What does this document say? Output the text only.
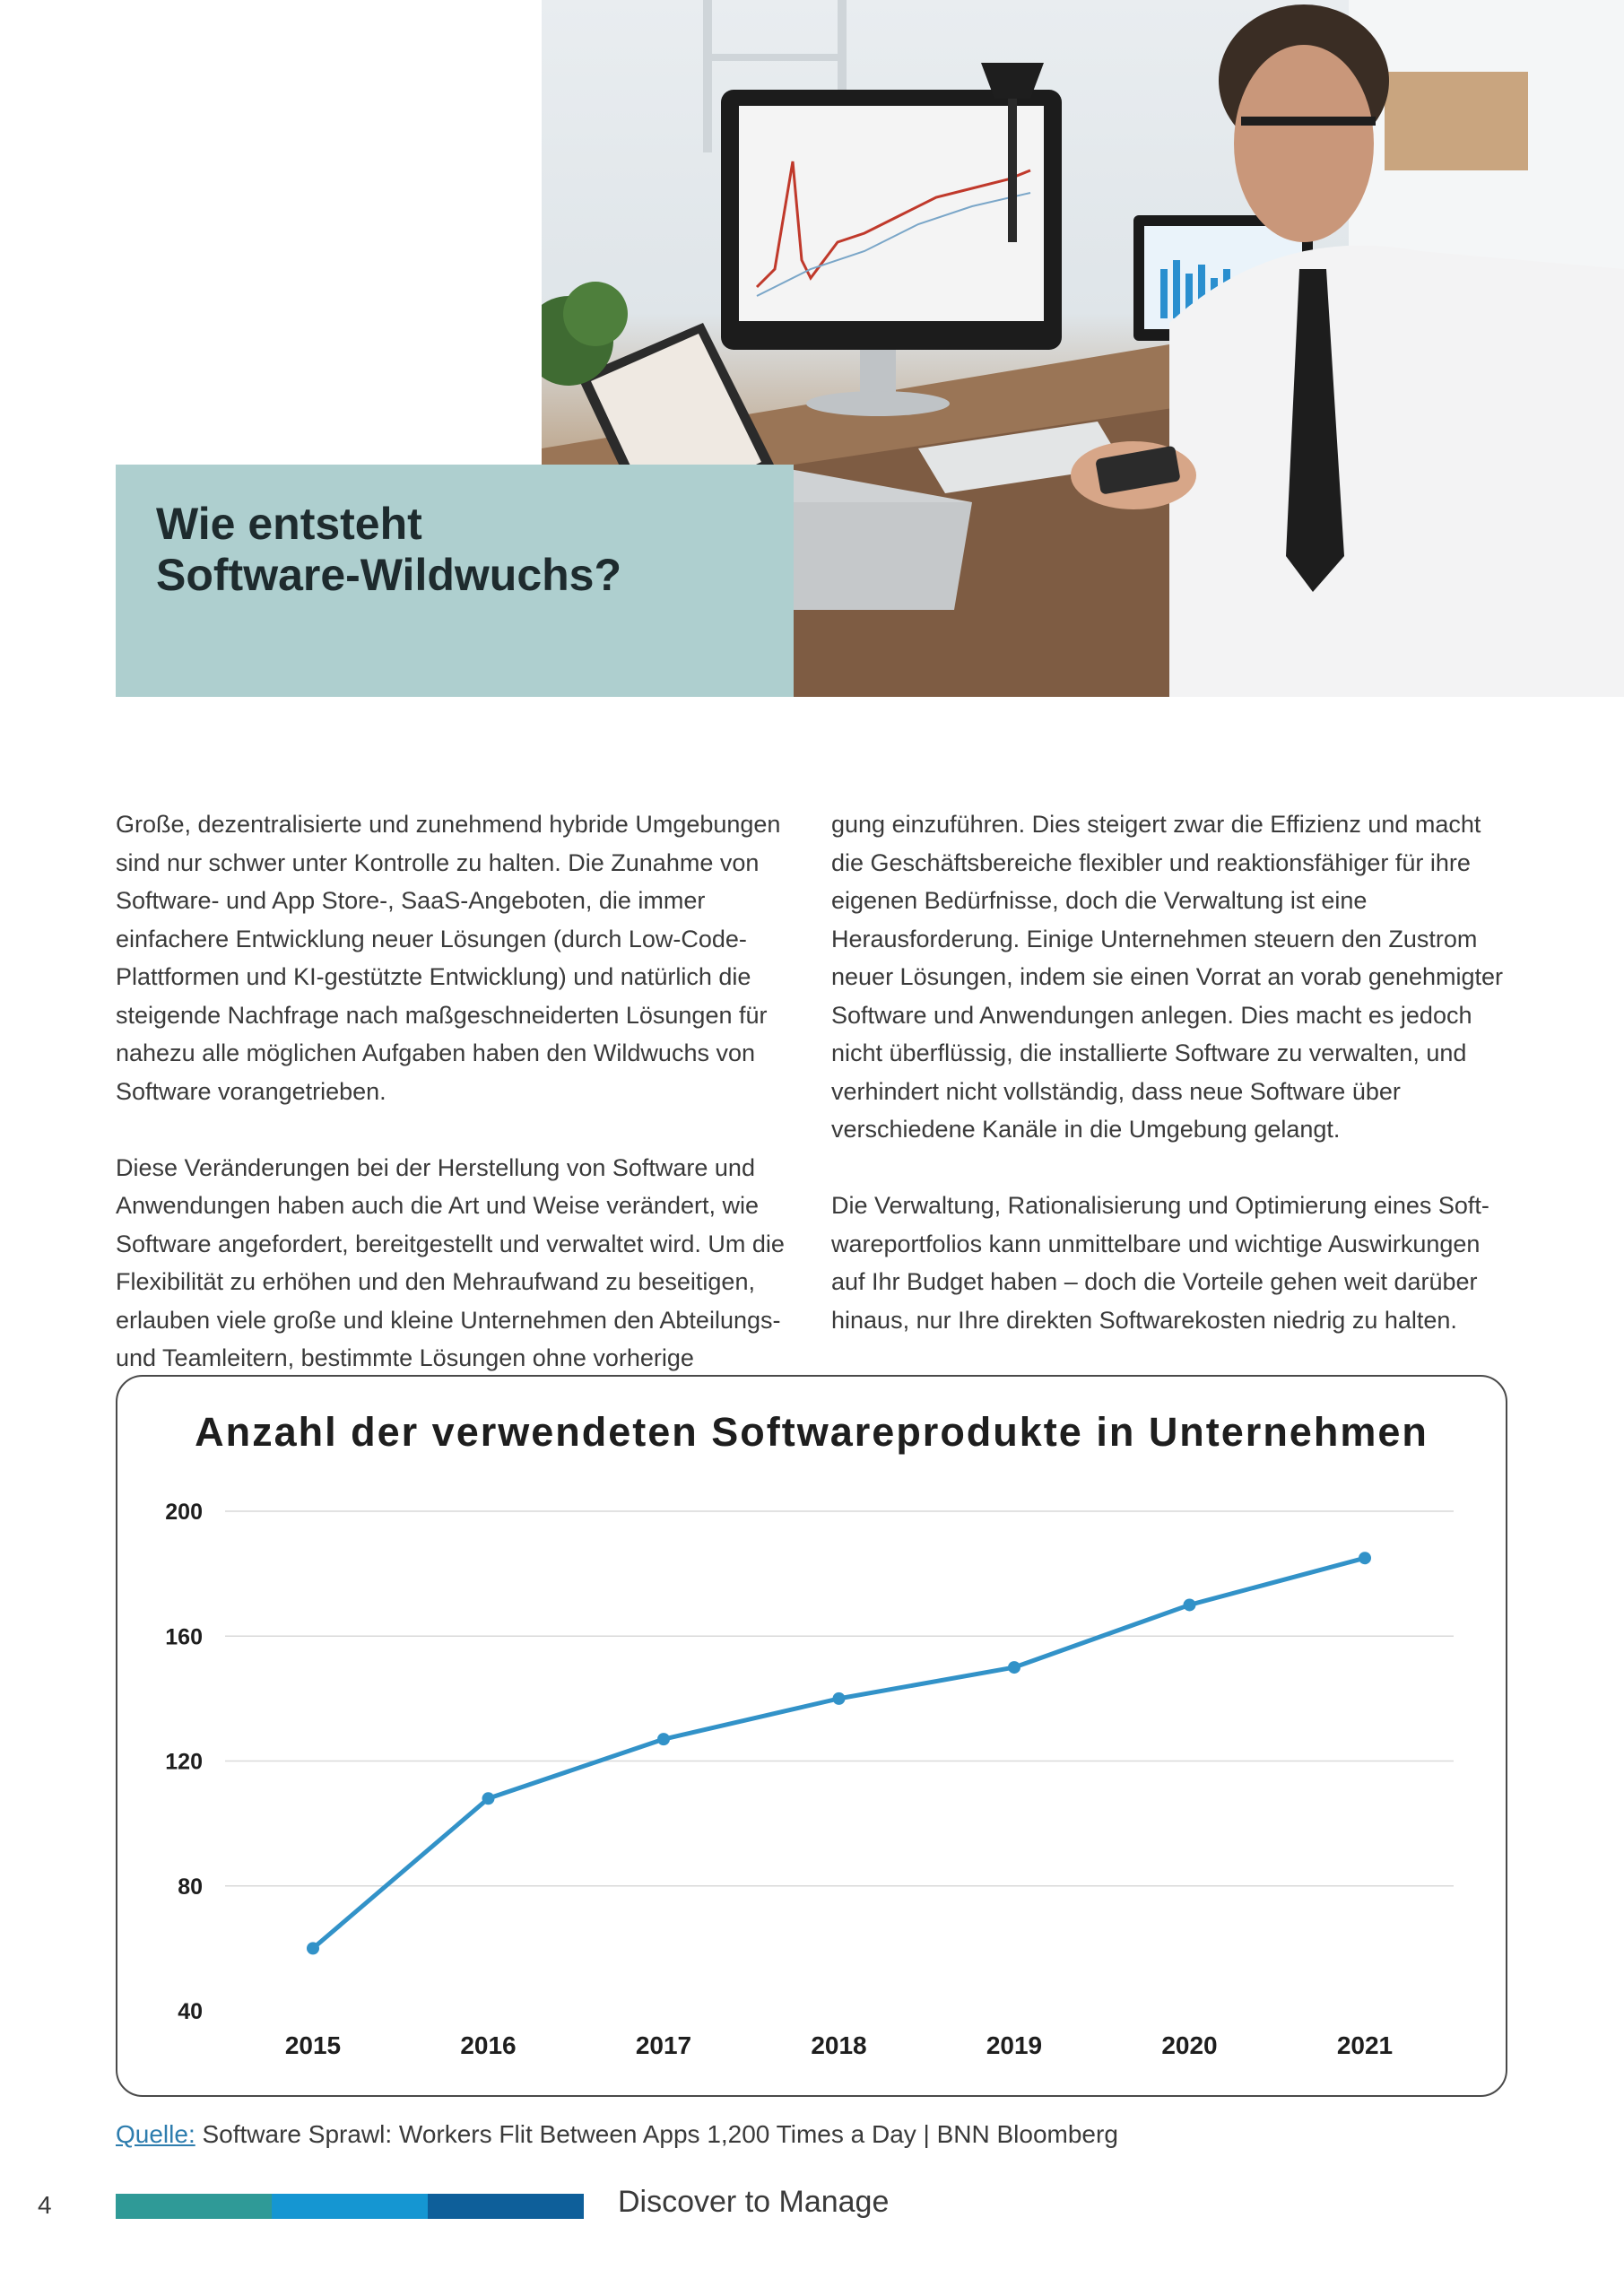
Wie entsteht
Software-Wildwuchs?

Große, dezentralisierte und zunehmend hybride Umgebungen sind nur schwer unter Kontrolle zu halten. Die Zunahme von Software- und App Store-, SaaS-Angeboten, die immer einfachere Entwicklung neuer Lösungen (durch Low-Code-Plattformen und KI-gestützte Entwicklung) und natürlich die steigende Nachfrage nach maßgeschneiderten Lösungen für nahezu alle möglichen Aufgaben haben den Wildwuchs von Software vorangetrieben.

Diese Veränderungen bei der Herstellung von Software und Anwendungen haben auch die Art und Weise verändert, wie Software angefordert, bereitgestellt und verwaltet wird. Um die Flexibilität zu erhöhen und den Mehraufwand zu beseitigen, erlauben viele große und kleine Unternehmen den Abteilungs- und Teamleitern, bestimmte Lösungen ohne vorherige

gung einzuführen. Dies steigert zwar die Effizienz und macht die Geschäftsbereiche flexibler und reaktionsfähiger für ihre eigenen Bedürfnisse, doch die Verwaltung ist eine Herausforderung. Einige Unternehmen steuern den Zustrom neuer Lösungen, indem sie einen Vorrat an vorab genehmigter Software und Anwendungen anlegen. Dies macht es jedoch nicht überflüssig, die installierte Software zu verwalten, und verhindert nicht vollständig, dass neue Software über verschiedene Kanäle in die Umgebung gelangt.

Die Verwaltung, Rationalisierung und Optimierung eines Soft-wareportfolios kann unmittelbare und wichtige Auswirkungen auf Ihr Budget haben – doch die Vorteile gehen weit darüber hinaus, nur Ihre direkten Softwarekosten niedrig zu halten.

Anzahl der verwendeten Softwareprodukte in Unternehmen
200
160
120
80
40
2015	2016	2017	2018	2019	2020	2021
Quelle: Software Sprawl: Workers Flit Between Apps 1,200 Times a Day | BNN Bloomberg
4	Discover to Manage
